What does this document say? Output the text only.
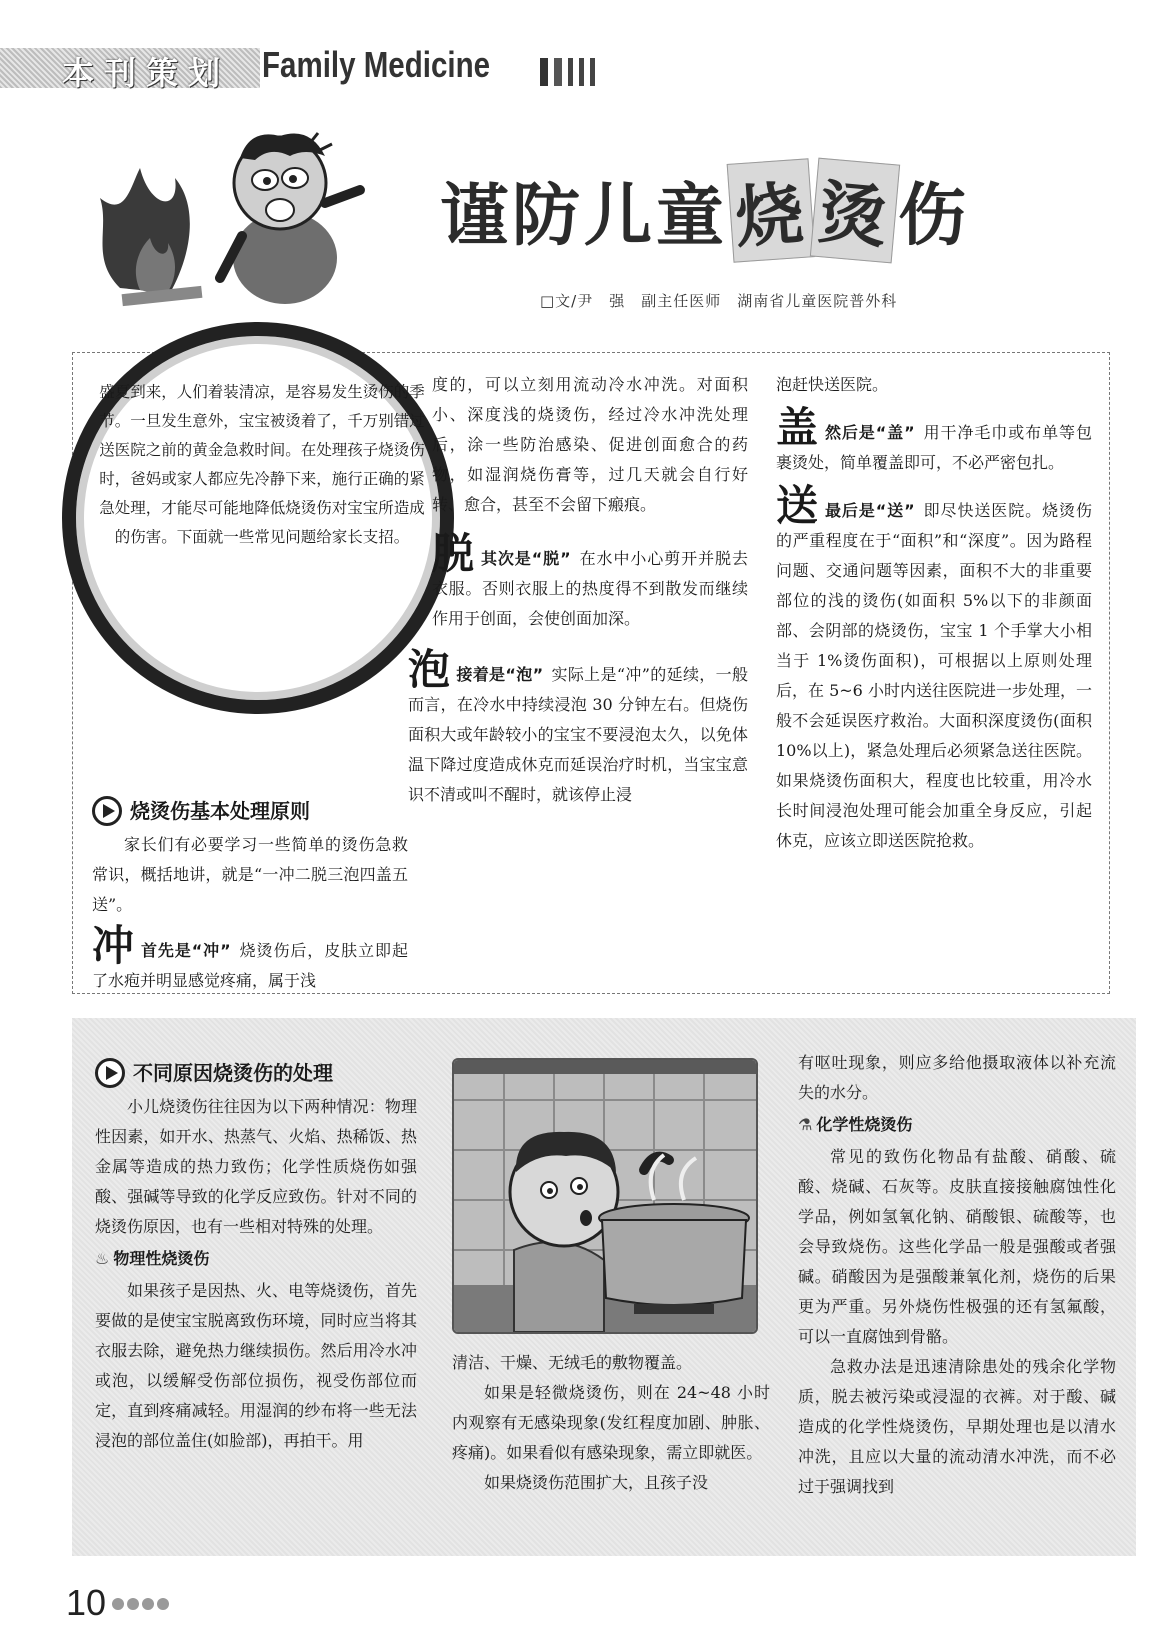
本刊策划 Family Medicine
谨防儿童 烧 烫 伤
□文/尹　强　副主任医师　湖南省儿童医院普外科
盛夏到来，人们着装清凉，是容易发生烫伤的季节。一旦发生意外，宝宝被烫着了，千万别错过送医院之前的黄金急救时间。在处理孩子烧烫伤时，爸妈或家人都应先冷静下来，施行正确的紧急处理，才能尽可能地降低烧烫伤对宝宝所造成的伤害。下面就一些常见问题给家长支招。
烧烫伤基本处理原则

家长们有必要学习一些简单的烫伤急救常识，概括地讲，就是“一冲二脱三泡四盖五送”。

冲首先是“冲” 烧烫伤后，皮肤立即起了水疱并明显感觉疼痛，属于浅

度的，可以立刻用流动冷水冲洗。对面积小、深度浅的烧烫伤，经过冷水冲洗处理后，涂一些防治感染、促进创面愈合的药物，如湿润烧伤膏等，过几天就会自行好转、愈合，甚至不会留下瘢痕。

脱其次是“脱” 在水中小心剪开并脱去衣服。否则衣服上的热度得不到散发而继续作用于创面，会使创面加深。

泡接着是“泡” 实际上是“冲”的延续，一般而言，在冷水中持续浸泡 30 分钟左右。但烧伤面积大或年龄较小的宝宝不要浸泡太久，以免体温下降过度造成休克而延误治疗时机，当宝宝意识不清或叫不醒时，就该停止浸

泡赶快送医院。

盖然后是“盖” 用干净毛巾或布单等包裹烫处，简单覆盖即可，不必严密包扎。

送最后是“送” 即尽快送医院。烧烫伤的严重程度在于“面积”和“深度”。因为路程问题、交通问题等因素，面积不大的非重要部位的浅的烫伤(如面积 5%以下的非颜面部、会阴部的烧烫伤，宝宝 1 个手掌大小相当于 1%烫伤面积)，可根据以上原则处理后，在 5~6 小时内送往医院进一步处理，一般不会延误医疗救治。大面积深度烫伤(面积 10%以上)，紧急处理后必须紧急送往医院。如果烧烫伤面积大，程度也比较重，用冷水长时间浸泡处理可能会加重全身反应，引起休克，应该立即送医院抢救。

不同原因烧烫伤的处理

小儿烧烫伤往往因为以下两种情况：物理性因素，如开水、热蒸气、火焰、热稀饭、热金属等造成的热力致伤；化学性质烧伤如强酸、强碱等导致的化学反应致伤。针对不同的烧烫伤原因，也有一些相对特殊的处理。

♨ 物理性烧烫伤

如果孩子是因热、火、电等烧烫伤，首先要做的是使宝宝脱离致伤环境，同时应当将其衣服去除，避免热力继续损伤。然后用冷水冲或泡，以缓解受伤部位损伤，视受伤部位而定，直到疼痛减轻。用湿润的纱布将一些无法浸泡的部位盖住(如脸部)，再拍干。用

清洁、干燥、无绒毛的敷物覆盖。

如果是轻微烧烫伤，则在 24~48 小时内观察有无感染现象(发红程度加剧、肿胀、疼痛)。如果看似有感染现象，需立即就医。

如果烧烫伤范围扩大，且孩子没

有呕吐现象，则应多给他摄取液体以补充流失的水分。

⚗ 化学性烧烫伤

常见的致伤化物品有盐酸、硝酸、硫酸、烧碱、石灰等。皮肤直接接触腐蚀性化学品，例如氢氧化钠、硝酸银、硫酸等，也会导致烧伤。这些化学品一般是强酸或者强碱。硝酸因为是强酸兼氧化剂，烧伤的后果更为严重。另外烧伤性极强的还有氢氟酸，可以一直腐蚀到骨骼。

急救办法是迅速清除患处的残余化学物质，脱去被污染或浸湿的衣裤。对于酸、碱造成的化学性烧烫伤，早期处理也是以清水冲洗，且应以大量的流动清水冲洗，而不必过于强调找到

10
